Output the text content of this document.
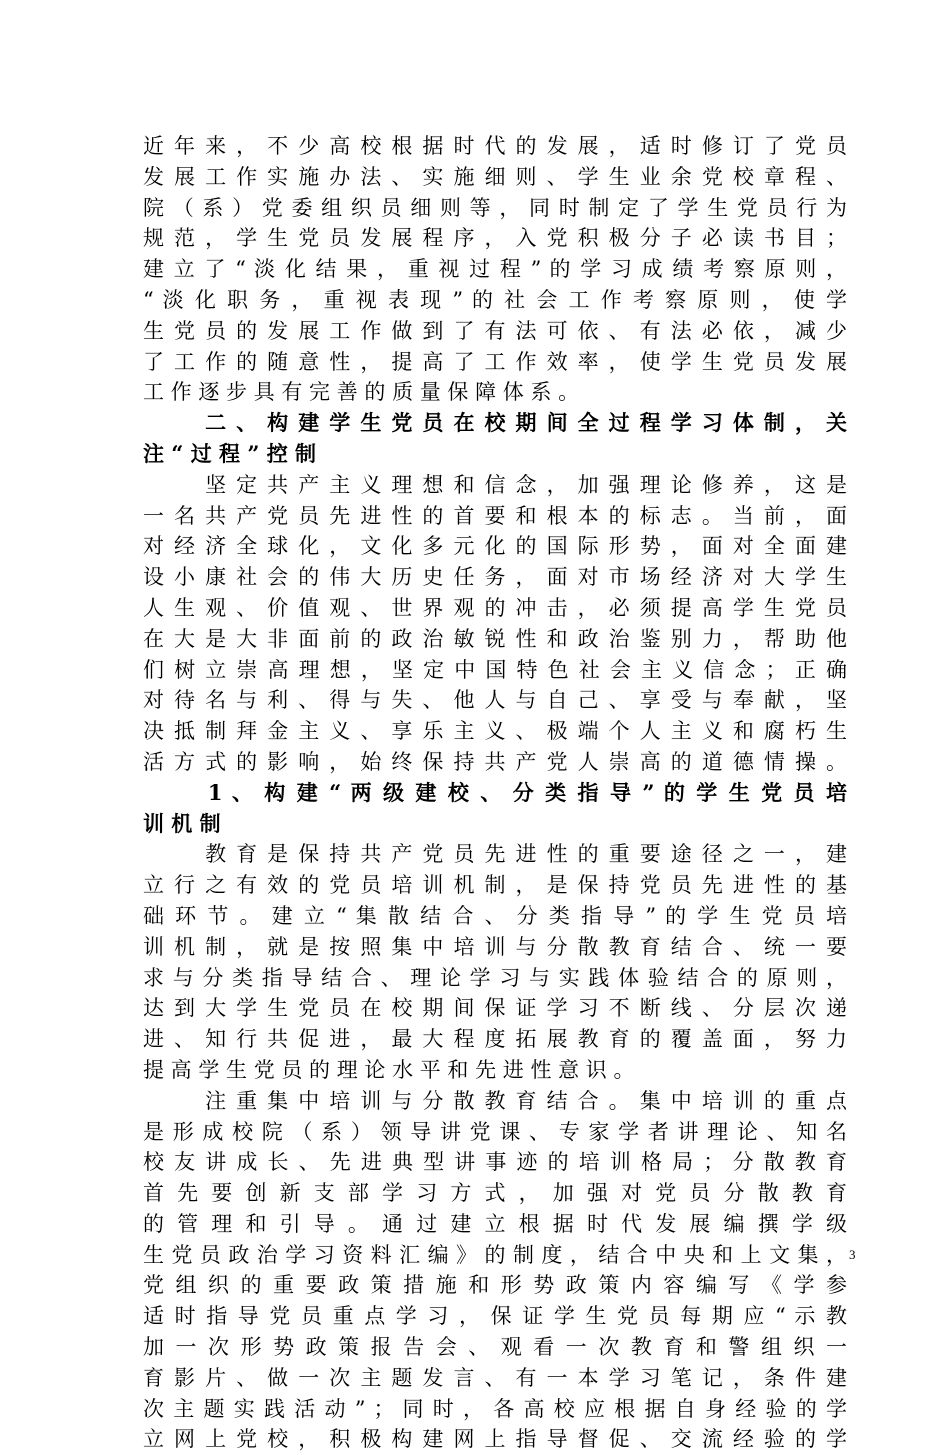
近 年 来 ， 不 少 高 校 根 据 时 代 的 发 展 ， 适 时 修 订 了 党 员
发 展 工 作 实 施 办 法 、 实 施 细 则 、 学 生 业 余 党 校 章 程 、
院 （ 系 ） 党 委 组 织 员 细 则 等 ， 同 时 制 定 了 学 生 党 员 行 为
规 范 ， 学 生 党 员 发 展 程 序 ， 入 党 积 极 分 子 必 读 书 目 ；
建 立 了 “ 淡 化 结 果 ， 重 视 过 程 ” 的 学 习 成 绩 考 察 原 则 ，
“ 淡 化 职 务 ， 重 视 表 现 ” 的 社 会 工 作 考 察 原 则 ， 使 学
生 党 员 的 发 展 工 作 做 到 了 有 法 可 依 、 有 法 必 依 ， 减 少
了 工 作 的 随 意 性 ， 提 高 了 工 作 效 率 ， 使 学 生 党 员 发 展
工 作 逐 步 具 有 完 善 的 质 量 保 障 体 系 。
　 　 二 、 构 建 学 生 党 员 在 校 期 间 全 过 程 学 习 体 制 ， 关
注 “ 过 程 ” 控 制
　 　 坚 定 共 产 主 义 理 想 和 信 念 ， 加 强 理 论 修 养 ， 这 是
一 名 共 产 党 员 先 进 性 的 首 要 和 根 本 的 标 志 。 当 前 ， 面
对 经 济 全 球 化 ， 文 化 多 元 化 的 国 际 形 势 ， 面 对 全 面 建
设 小 康 社 会 的 伟 大 历 史 任 务 ， 面 对 市 场 经 济 对 大 学 生
人 生 观 、 价 值 观 、 世 界 观 的 冲 击 ， 必 须 提 高 学 生 党 员
在 大 是 大 非 面 前 的 政 治 敏 锐 性 和 政 治 鉴 别 力 ， 帮 助 他
们 树 立 崇 高 理 想 ， 坚 定 中 国 特 色 社 会 主 义 信 念 ； 正 确
对 待 名 与 利 、 得 与 失 、 他 人 与 自 己 、 享 受 与 奉 献 ， 坚
决 抵 制 拜 金 主 义 、 享 乐 主 义 、 极 端 个 人 主 义 和 腐 朽 生
活 方 式 的 影 响 ， 始 终 保 持 共 产 党 人 崇 高 的 道 德 情 操 。
　 　 1 、 构 建 “ 两 级 建 校 、 分 类 指 导 ” 的 学 生 党 员 培
训 机 制
　 　 教 育 是 保 持 共 产 党 员 先 进 性 的 重 要 途 径 之 一 ， 建
立 行 之 有 效 的 党 员 培 训 机 制 ， 是 保 持 党 员 先 进 性 的 基
础 环 节 。 建 立 “ 集 散 结 合 、 分 类 指 导 ” 的 学 生 党 员 培
训 机 制 ， 就 是 按 照 集 中 培 训 与 分 散 教 育 结 合 、 统 一 要
求 与 分 类 指 导 结 合 、 理 论 学 习 与 实 践 体 验 结 合 的 原 则 ，
达 到 大 学 生 党 员 在 校 期 间 保 证 学 习 不 断 线 、 分 层 次 递
进 、 知 行 共 促 进 ， 最 大 程 度 拓 展 教 育 的 覆 盖 面 ， 努 力
提 高 学 生 党 员 的 理 论 水 平 和 先 进 性 意 识 。
　 　 注 重 集 中 培 训 与 分 散 教 育 结 合 。 集 中 培 训 的 重 点
是 形 成 校 院 （ 系 ） 领 导 讲 党 课 、 专 家 学 者 讲 理 论 、 知 名
校 友 讲 成 长 、 先 进 典 型 讲 事 迹 的 培 训 格 局 ； 分 散 教 育
首 先 要 创 新 支 部 学 习 方 式 ， 加 强 对 党 员 分 散 教 育
的 管 理 和 引 导 。 通 过 建 立 根 据 时 代 发 展 编 撰 学 级
生 党 员 政 治 学 习 资 料 汇 编 》 的 制 度 ， 结 合 中 央 和 上 文 集 ，
党 组 织 的 重 要 政 策 措 施 和 形 势 政 策 内 容 编 写 《 学 参
适 时 指 导 党 员 重 点 学 习 ， 保 证 学 生 党 员 每 期 应 “ 示 教
加 一 次 形 势 政 策 报 告 会 、 观 看 一 次 教 育 和 警 组 织 一
育 影 片 、 做 一 次 主 题 发 言 、 有 一 本 学 习 笔 记 ， 条 件 建
次 主 题 实 践 活 动 ” ； 同 时 ， 各 高 校 应 根 据 自 身 经 验 的 学
立 网 上 党 校 ， 积 极 构 建 网 上 指 导 督 促 、 交 流 经 验 的 学
3
